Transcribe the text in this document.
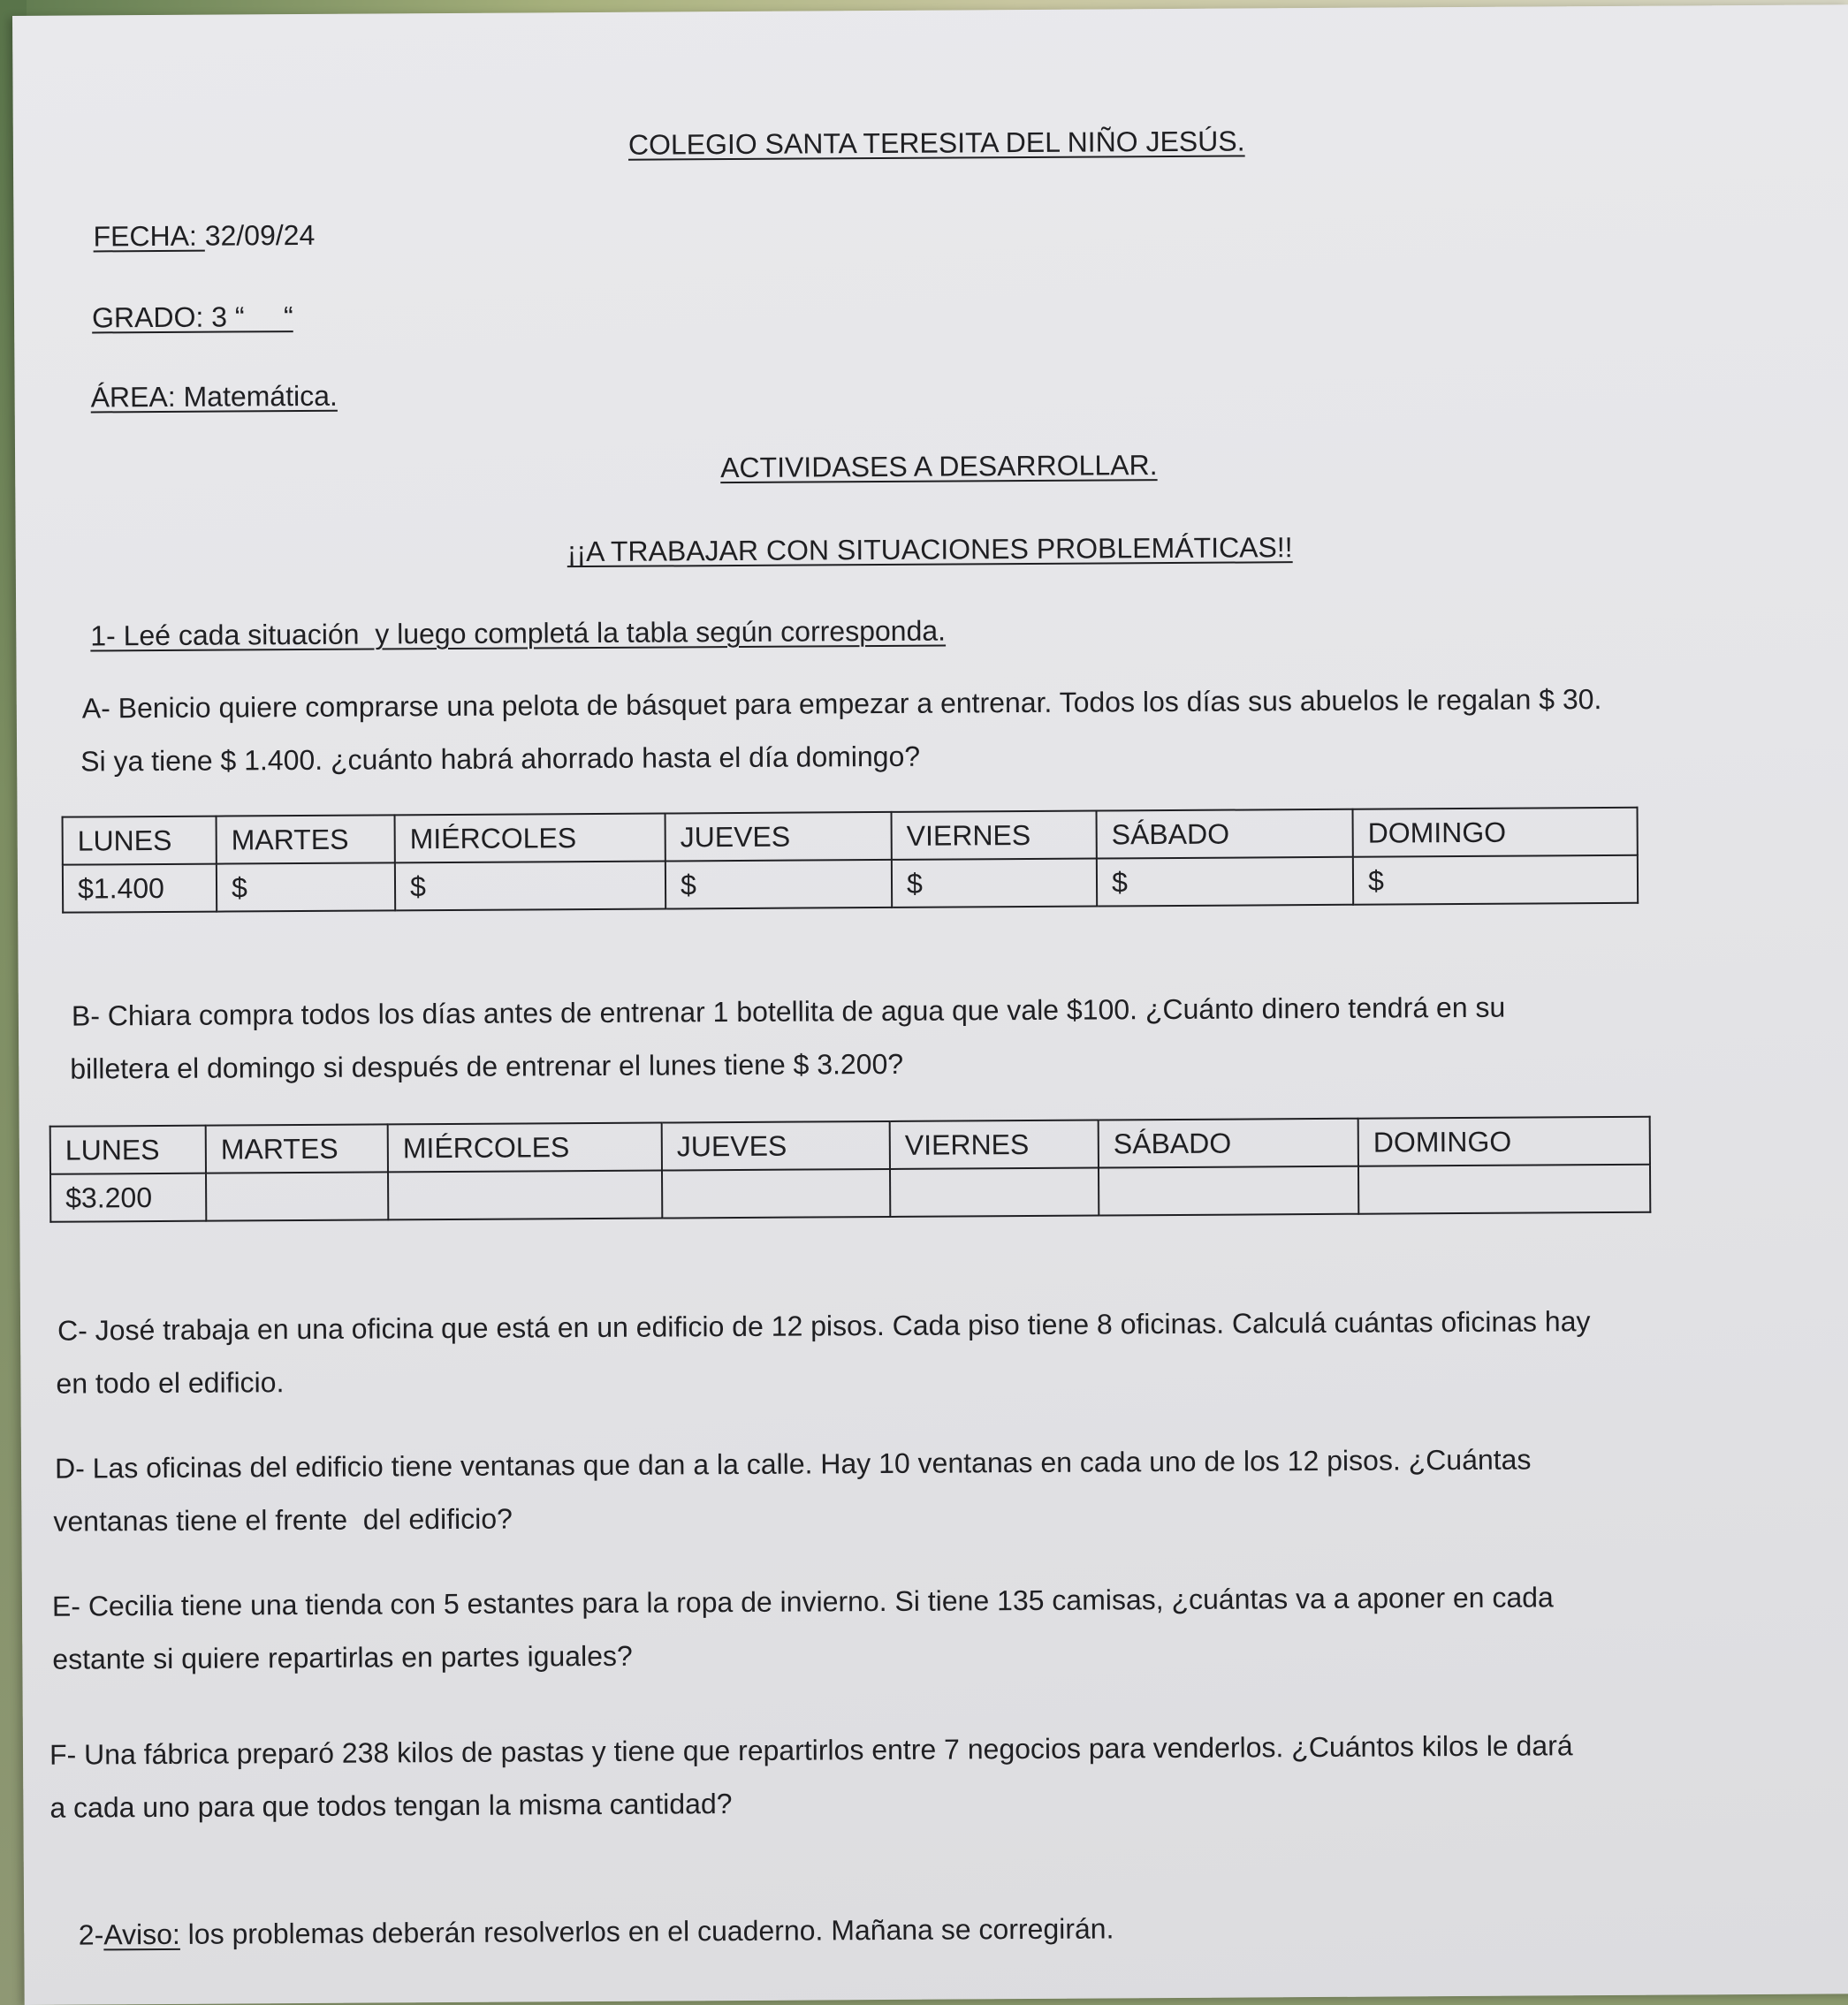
COLEGIO SANTA TERESITA DEL NIÑO JESÚS.
FECHA: 32/09/24
GRADO: 3 “     “
ÁREA: Matemática.
ACTIVIDASES A DESARROLLAR.
¡¡A TRABAJAR CON SITUACIONES PROBLEMÁTICAS!!
1- Leé cada situación  y luego completá la tabla según corresponda.
A- Benicio quiere comprarse una pelota de básquet para empezar a entrenar. Todos los días sus abuelos le regalan $ 30.
Si ya tiene $ 1.400. ¿cuánto habrá ahorrado hasta el día domingo?
LUNES	MARTES	MIÉRCOLES	JUEVES	VIERNES	SÁBADO	DOMINGO
$1.400	$	$	$	$	$	$
B- Chiara compra todos los días antes de entrenar 1 botellita de agua que vale $100. ¿Cuánto dinero tendrá en su
billetera el domingo si después de entrenar el lunes tiene $ 3.200?
LUNES	MARTES	MIÉRCOLES	JUEVES	VIERNES	SÁBADO	DOMINGO
$3.200						
C- José trabaja en una oficina que está en un edificio de 12 pisos. Cada piso tiene 8 oficinas. Calculá cuántas oficinas hay
en todo el edificio.
D- Las oficinas del edificio tiene ventanas que dan a la calle. Hay 10 ventanas en cada uno de los 12 pisos. ¿Cuántas
ventanas tiene el frente  del edificio?
E- Cecilia tiene una tienda con 5 estantes para la ropa de invierno. Si tiene 135 camisas, ¿cuántas va a aponer en cada
estante si quiere repartirlas en partes iguales?
F- Una fábrica preparó 238 kilos de pastas y tiene que repartirlos entre 7 negocios para venderlos. ¿Cuántos kilos le dará
a cada uno para que todos tengan la misma cantidad?

2-Aviso: los problemas deberán resolverlos en el cuaderno. Mañana se corregirán.
